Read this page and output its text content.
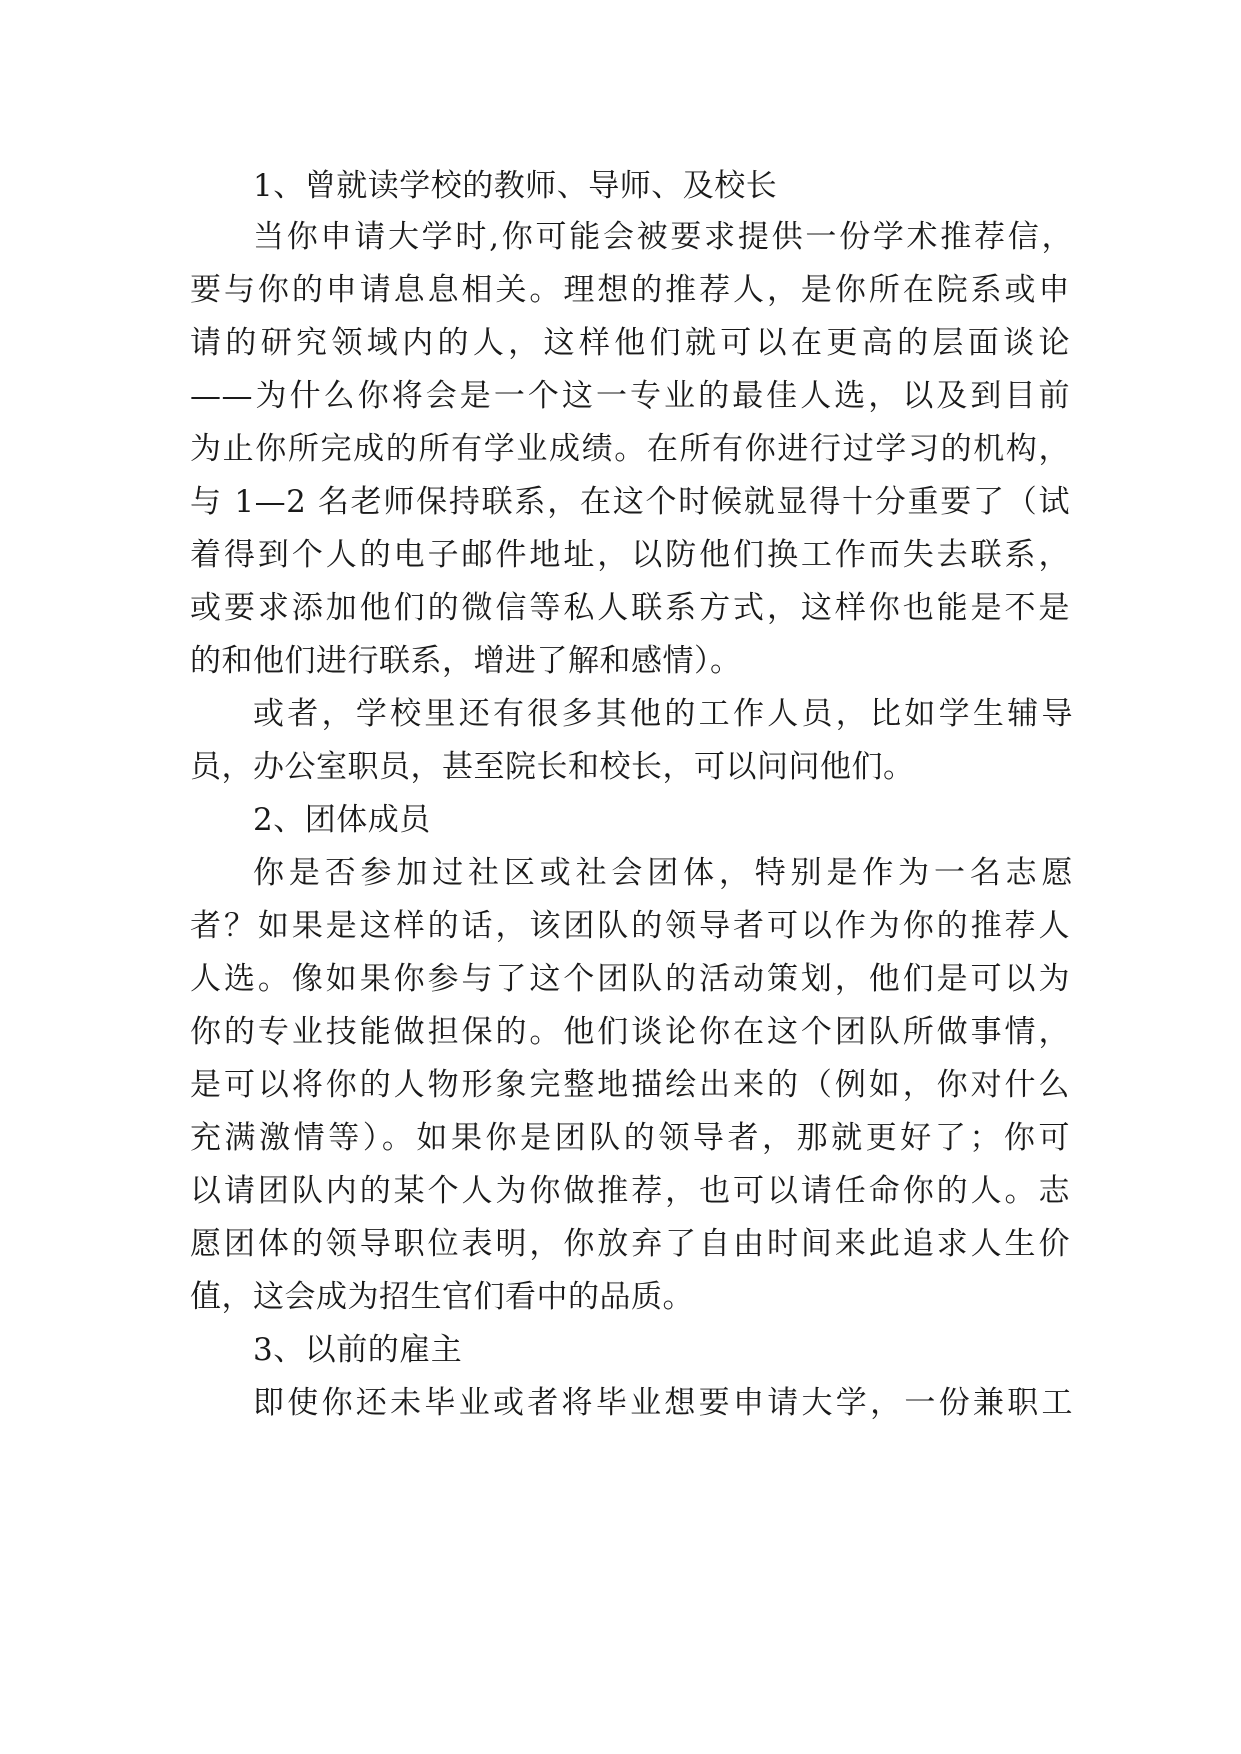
1、曾就读学校的教师、导师、及校长

当你申请大学时,你可能会被要求提供一份学术推荐信，

要与你的申请息息相关。理想的推荐人，是你所在院系或申

请的研究领域内的人，这样他们就可以在更高的层面谈论

——为什么你将会是一个这一专业的最佳人选，以及到目前

为止你所完成的所有学业成绩。在所有你进行过学习的机构，

与 1—2 名老师保持联系，在这个时候就显得十分重要了（试

着得到个人的电子邮件地址，以防他们换工作而失去联系，

或要求添加他们的微信等私人联系方式，这样你也能是不是

的和他们进行联系，增进了解和感情）。

或者，学校里还有很多其他的工作人员，比如学生辅导

员，办公室职员，甚至院长和校长，可以问问他们。

2、团体成员

你是否参加过社区或社会团体，特别是作为一名志愿

者？如果是这样的话，该团队的领导者可以作为你的推荐人

人选。像如果你参与了这个团队的活动策划，他们是可以为

你的专业技能做担保的。他们谈论你在这个团队所做事情，

是可以将你的人物形象完整地描绘出来的（例如，你对什么

充满激情等）。如果你是团队的领导者，那就更好了；你可

以请团队内的某个人为你做推荐，也可以请任命你的人。志

愿团体的领导职位表明，你放弃了自由时间来此追求人生价

值，这会成为招生官们看中的品质。

3、以前的雇主

即使你还未毕业或者将毕业想要申请大学，一份兼职工
